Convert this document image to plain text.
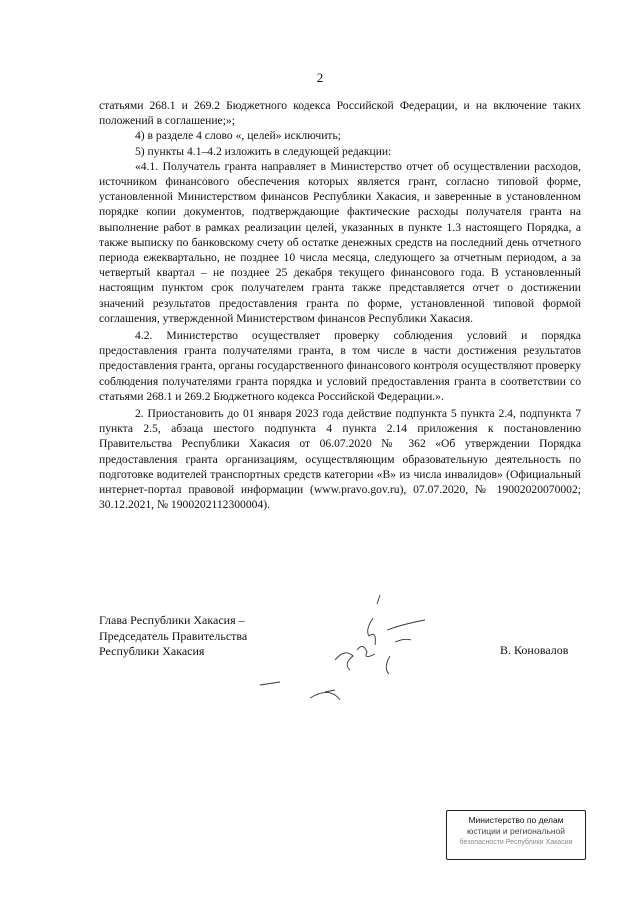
2

статьями 268.1 и 269.2 Бюджетного кодекса Российской Федерации, и на включение таких положений в соглашение;»;

4) в разделе 4 слово «, целей» исключить;

5) пункты 4.1–4.2 изложить в следующей редакции:

«4.1. Получатель гранта направляет в Министерство отчет об осуществлении расходов, источником финансового обеспечения которых является грант, согласно типовой форме, установленной Министерством финансов Республики Хакасия, и заверенные в установленном порядке копии документов, подтверждающие фактические расходы получателя гранта на выполнение работ в рамках реализации целей, указанных в пункте 1.3 настоящего Порядка, а также выписку по банковскому счету об остатке денежных средств на последний день отчетного периода ежеквартально, не позднее 10 числа месяца, следующего за отчетным периодом, а за четвертый квартал – не позднее 25 декабря текущего финансового года. В установленный настоящим пунктом срок получателем гранта также представляется отчет о достижении значений результатов предоставления гранта по форме, установленной типовой формой соглашения, утвержденной Министерством финансов Республики Хакасия.

4.2. Министерство осуществляет проверку соблюдения условий и порядка предоставления гранта получателями гранта, в том числе в части достижения результатов предоставления гранта, органы государственного финансового контроля осуществляют проверку соблюдения получателями гранта порядка и условий предоставления гранта в соответствии со статьями 268.1 и 269.2 Бюджетного кодекса Российской Федерации.».

2. Приостановить до 01 января 2023 года действие подпункта 5 пункта 2.4, подпункта 7 пункта 2.5, абзаца шестого подпункта 4 пункта 2.14 приложения к постановлению Правительства Республики Хакасия от 06.07.2020 № 362 «Об утверждении Порядка предоставления гранта организациям, осуществляющим образовательную деятельность по подготовке водителей транспортных средств категории «В» из числа инвалидов» (Официальный интернет-портал правовой информации (www.pravo.gov.ru), 07.07.2020, № 19002020070002; 30.12.2021, № 1900202112300004).

Глава Республики Хакасия –
Председатель Правительства
Республики Хакасия	В. Коновалов
Министерство по делам
юстиции и региональной
безопасности Республики Хакасия
